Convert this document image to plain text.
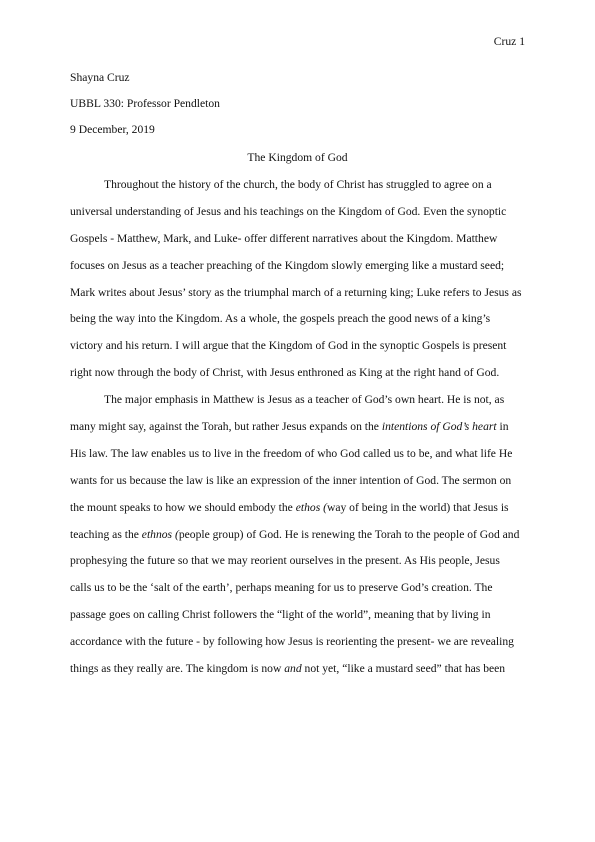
Cruz 1
Shayna Cruz
UBBL 330: Professor Pendleton
9 December, 2019
The Kingdom of God
Throughout the history of the church, the body of Christ has struggled to agree on a
universal understanding of Jesus and his teachings on the Kingdom of God. Even the synoptic
Gospels - Matthew, Mark, and Luke- offer different narratives about the Kingdom. Matthew
focuses on Jesus as a teacher preaching of the Kingdom slowly emerging like a mustard seed;
Mark writes about Jesus’ story as the triumphal march of a returning king; Luke refers to Jesus as
being the way into the Kingdom. As a whole, the gospels preach the good news of a king’s
victory and his return. I will argue that the Kingdom of God in the synoptic Gospels is present
right now through the body of Christ, with Jesus enthroned as King at the right hand of God.
The major emphasis in Matthew is Jesus as a teacher of God’s own heart. He is not, as
many might say, against the Torah, but rather Jesus expands on the intentions of God’s heart in
His law. The law enables us to live in the freedom of who God called us to be, and what life He
wants for us because the law is like an expression of the inner intention of God. The sermon on
the mount speaks to how we should embody the ethos (way of being in the world) that Jesus is
teaching as the ethnos (people group) of God. He is renewing the Torah to the people of God and
prophesying the future so that we may reorient ourselves in the present. As His people, Jesus
calls us to be the ‘salt of the earth’, perhaps meaning for us to preserve God’s creation. The
passage goes on calling Christ followers the “light of the world”, meaning that by living in
accordance with the future - by following how Jesus is reorienting the present- we are revealing
things as they really are. The kingdom is now and not yet, “like a mustard seed” that has been
